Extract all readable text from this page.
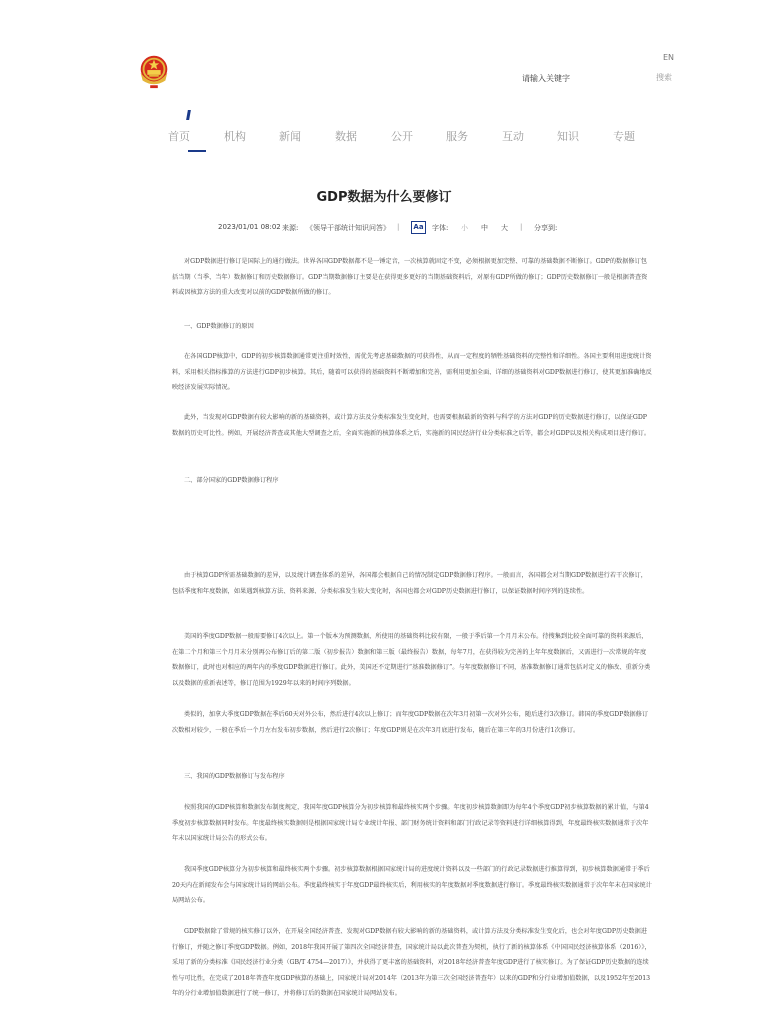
请输入关键字
EN
搜索
首页	机构	新闻	数据	公开	服务	互动	知识	专题
GDP数据为什么要修订
2023/01/01 08:02 来源: 《领导干部统计知识问答》 |	Aa	字体: 小 中 大 | 分享到:
对GDP数据进行修订是国际上的通行做法。世界各国GDP数据都不是一锤定音，一次核算就固定不变，必须根据更加完整、可靠的基础数据不断修订。GDP的数据修订包括当期（当季、当年）数据修订和历史数据修订。GDP当期数据修订主要是在获得更多更好的当期基础资料后，对原有GDP所做的修订；GDP历史数据修订一般是根据普查资料或因核算方法的重大改变对以前的GDP数据所做的修订。
一、GDP数据修订的原因
在各国GDP核算中，GDP的初步核算数据通常更注重时效性，需优先考虑基础数据的可获得性，从而一定程度的牺牲基础资料的完整性和详细性。各国主要利用进度统计资料，采用相关指标推算的方法进行GDP初步核算。其后，随着可以获得的基础资料不断增加和完善，需利用更加全面、详细的基础资料对GDP数据进行修订，使其更加准确地反映经济发展实际情况。
此外，当发现对GDP数据有较大影响的新的基础资料，或计算方法及分类标准发生变化时，也需要根据最新的资料与科学的方法对GDP的历史数据进行修订，以保证GDP数据的历史可比性。例如，开展经济普查或其他大型调查之后，全面实施新的核算体系之后，实施新的国民经济行业分类标准之后等，都会对GDP以及相关构成项目进行修订。
二、部分国家的GDP数据修订程序
由于核算GDP所需基础数据的差异，以及统计调查体系的差异，各国都会根据自己的情况制定GDP数据修订程序。一般而言，各国都会对当期GDP数据进行若干次修订，包括季度和年度数据，如果遇到核算方法、资料来源、分类标准发生较大变化时，各国也都会对GDP历史数据进行修订，以保证数据时间序列的连续性。
美国的季度GDP数据一般需要修订4次以上。第一个版本为预测数据，所使用的基础资料比较有限，一般于季后第一个月月末公布。待搜集到比较全面可靠的资料来源后，在第二个月和第三个月月末分别再公布修订后的第二版（初步报告）数据和第三版（最终报告）数据，每年7月，在获得较为完善的上年年度数据后，又需进行一次常规的年度数据修订，此时也对相应的两年内的季度GDP数据进行修订。此外，美国还不定期进行“基准数据修订”。与年度数据修订不同，基准数据修订通常包括对定义的修改、重新分类以及数据的重新表述等，修订范围为1929年以来的时间序列数据。
类似的，加拿大季度GDP数据在季后60天对外公布，然后进行4次以上修订；而年度GDP数据在次年3月初第一次对外公布，随后进行3次修订。韩国的季度GDP数据修订次数相对较少，一般在季后一个月左右发布初步数据，然后进行2次修订；年度GDP则是在次年3月底进行发布，随后在第三年的3月份进行1次修订。
三、我国的GDP数据修订与发布程序
按照我国的GDP核算和数据发布制度规定，我国年度GDP核算分为初步核算和最终核实两个步骤。年度初步核算数据即为每年4个季度GDP初步核算数据的累计值，与第4季度初步核算数据同时发布。年度最终核实数据则是根据国家统计局专业统计年报、部门财务统计资料和部门行政记录等资料进行详细核算得到，年度最终核实数据通常于次年年末以国家统计局公告的形式公布。
我国季度GDP核算分为初步核算和最终核实两个步骤。初步核算数据根据国家统计局的进度统计资料以及一些部门的行政记录数据进行推算得到，初步核算数据通常于季后20天内在新闻发布会与国家统计局的网站公布。季度最终核实于年度GDP最终核实后，利用核实的年度数据对季度数据进行修订。季度最终核实数据通常于次年年末在国家统计局网站公布。
GDP数据除了常规的核实修订以外，在开展全国经济普查、发现对GDP数据有较大影响的新的基础资料，或计算方法及分类标准发生变化后，也会对年度GDP历史数据进行修订，并随之修订季度GDP数据。例如，2018年我国开展了第四次全国经济普查，国家统计局以此次普查为契机，执行了新的核算体系《中国国民经济核算体系（2016）》，采用了新的分类标准《国民经济行业分类（GB/T 4754—2017）》，并获得了更丰富的基础资料，对2018年经济普查年度GDP进行了核实修订。为了保证GDP历史数据的连续性与可比性，在完成了2018年普查年度GDP核算的基础上，国家统计局对2014年（2013年为第三次全国经济普查年）以来的GDP和分行业增加值数据，以及1952年至2013年的分行业增加值数据进行了统一修订，并将修订后的数据在国家统计局网站发布。
